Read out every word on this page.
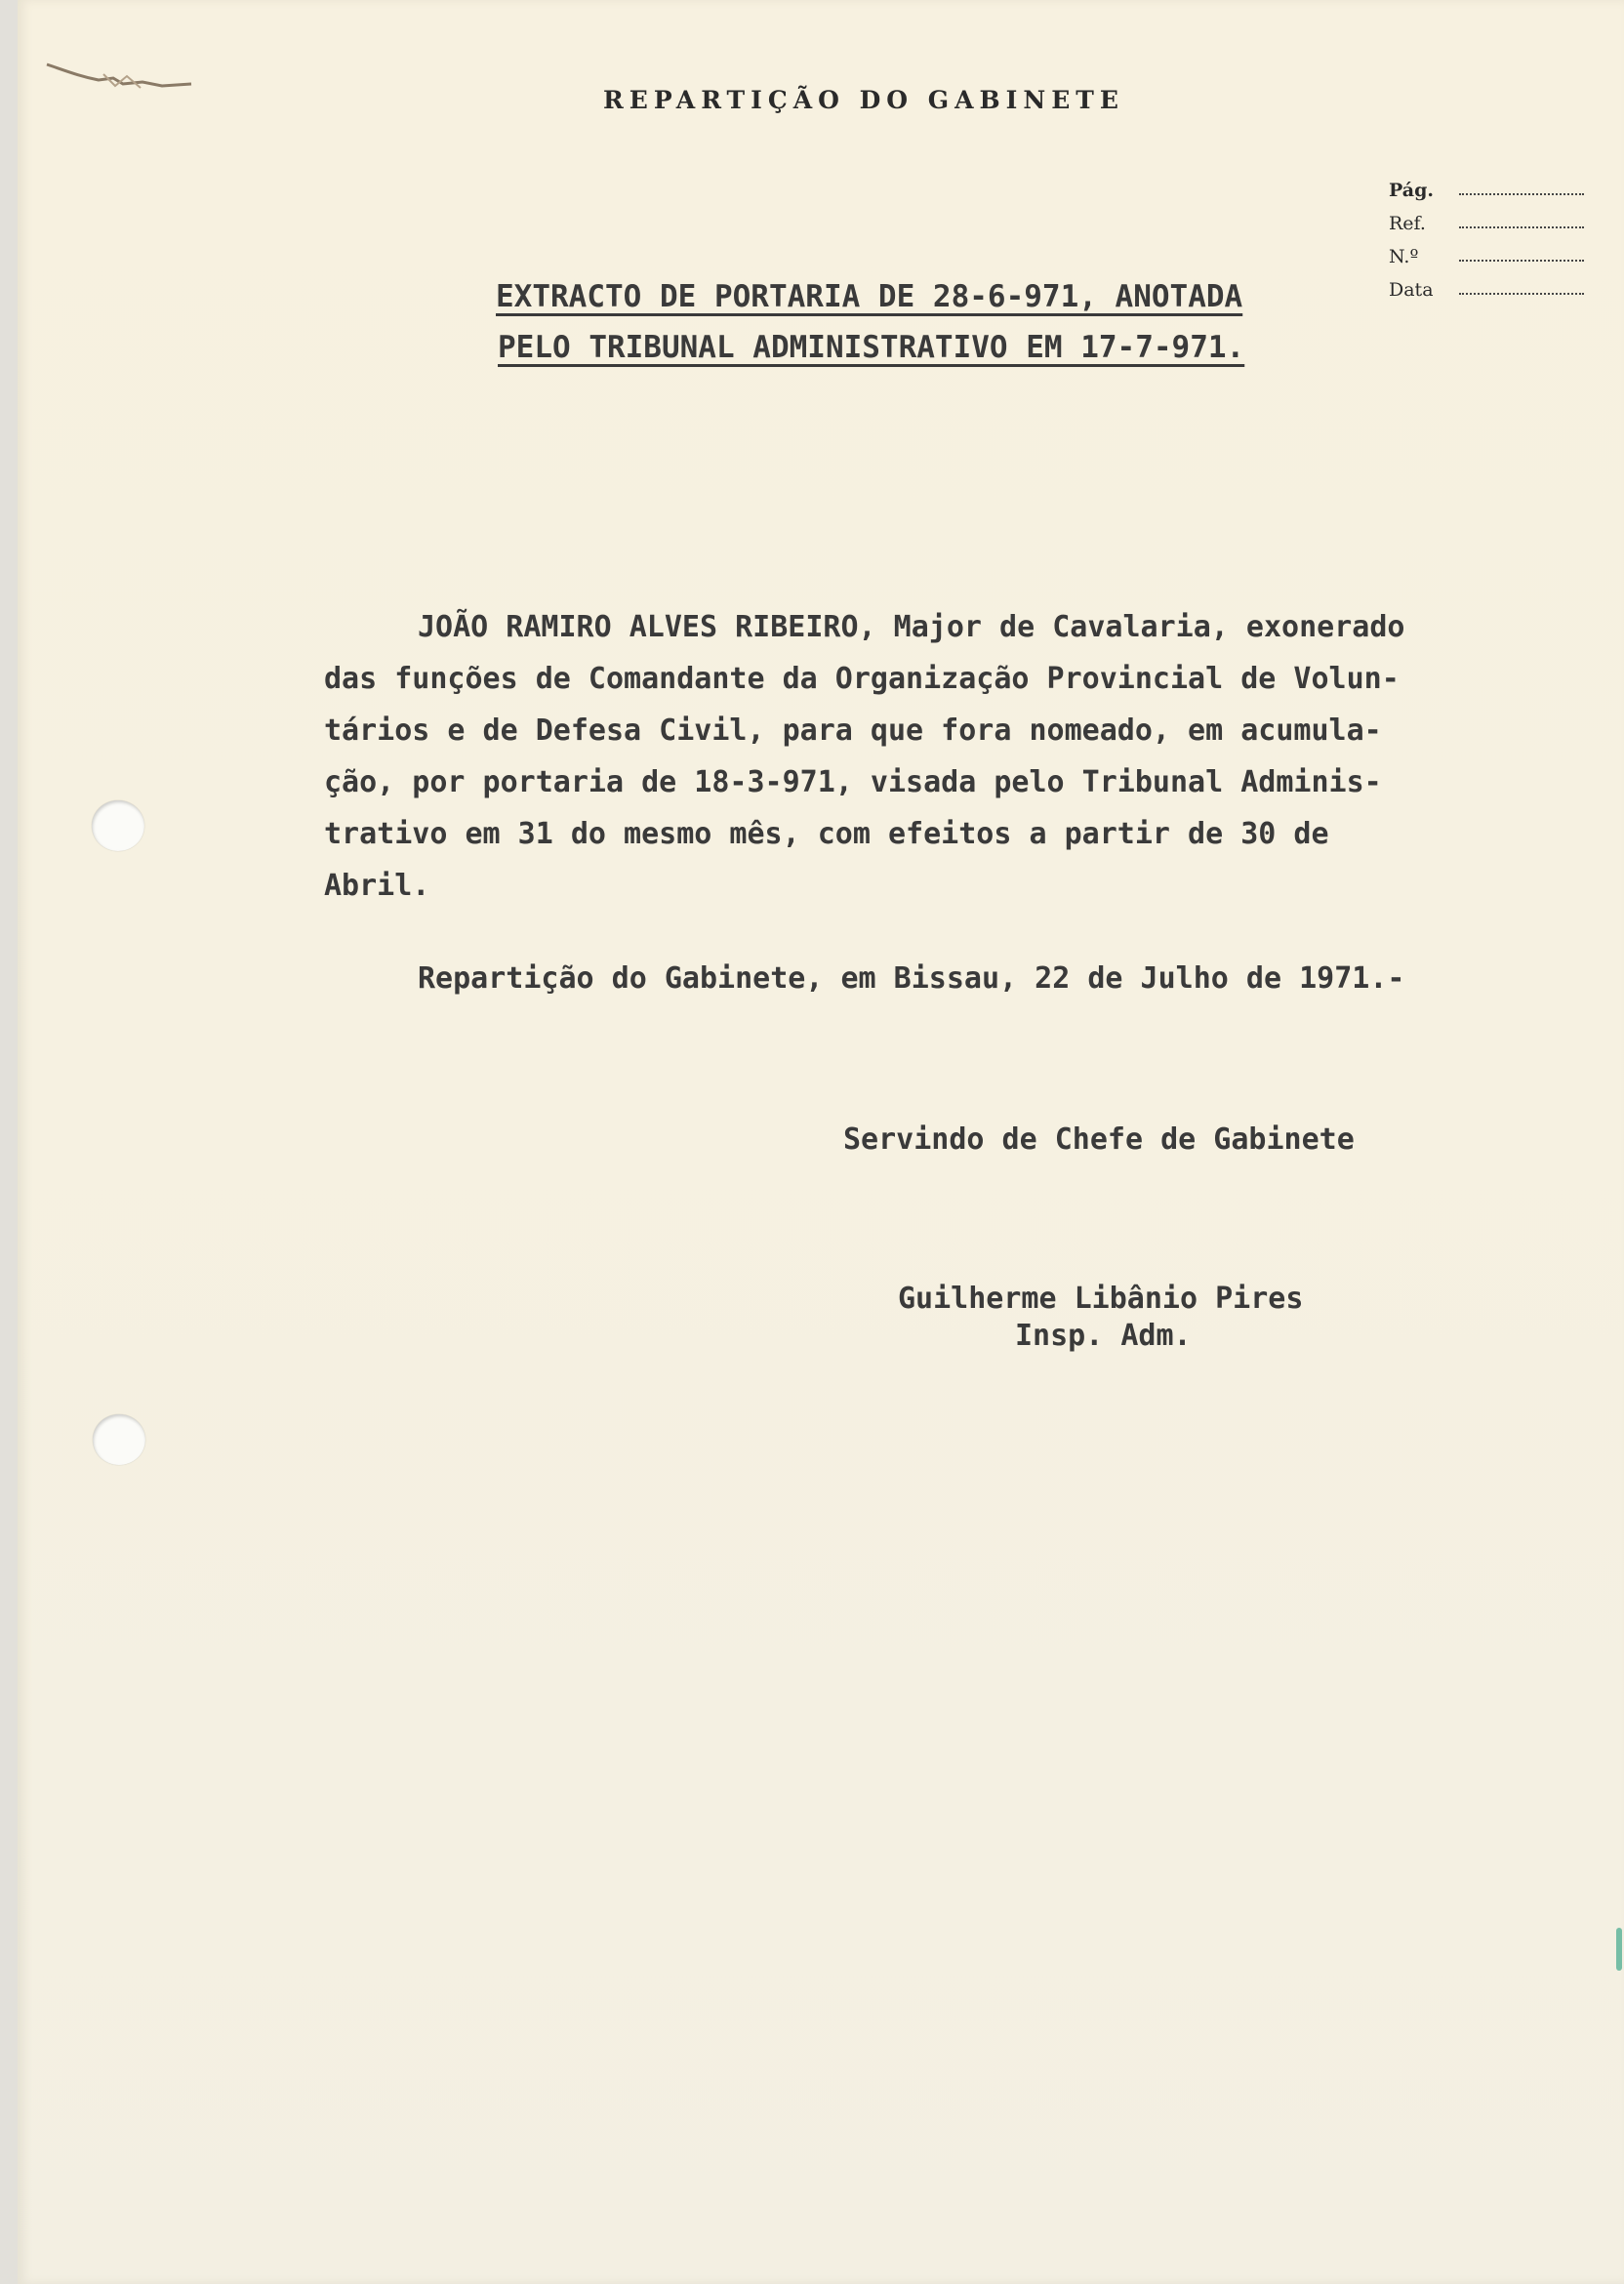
REPARTIÇÃO DO GABINETE
Pág.
Ref.
N.º
Data
EXTRACTO DE PORTARIA DE 28-6-971, ANOTADA
PELO TRIBUNAL ADMINISTRATIVO EM 17-7-971.
JOÃO RAMIRO ALVES RIBEIRO, Major de Cavalaria, exonerado
das funções de Comandante da Organização Provincial de Volun-
tários e de Defesa Civil, para que fora nomeado, em acumula-
ção, por portaria de 18-3-971, visada pelo Tribunal Adminis-
trativo em 31 do mesmo mês, com efeitos a partir de 30 de
Abril.
Repartição do Gabinete, em Bissau, 22 de Julho de 1971.-
Servindo de Chefe de Gabinete
Guilherme Libânio Pires
Insp. Adm.
